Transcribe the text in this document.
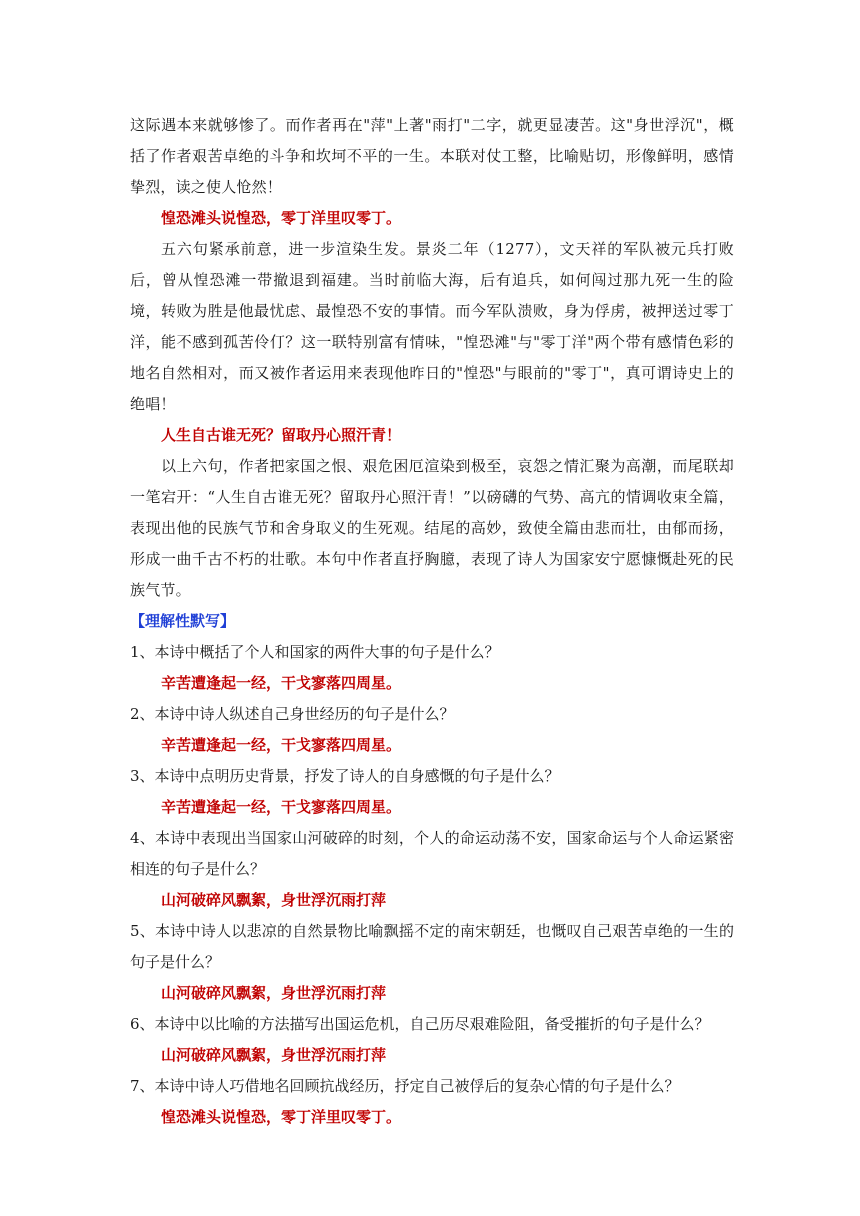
这际遇本来就够惨了。而作者再在"萍"上著"雨打"二字，就更显凄苦。这"身世浮沉"，概括了作者艰苦卓绝的斗争和坎坷不平的一生。本联对仗工整，比喻贴切，形像鲜明，感情挚烈，读之使人怆然！

惶恐滩头说惶恐，零丁洋里叹零丁。

五六句紧承前意，进一步渲染生发。景炎二年（1277），文天祥的军队被元兵打败后，曾从惶恐滩一带撤退到福建。当时前临大海，后有追兵，如何闯过那九死一生的险境，转败为胜是他最忧虑、最惶恐不安的事情。而今军队溃败，身为俘虏，被押送过零丁洋，能不感到孤苦伶仃？这一联特别富有情味，"惶恐滩"与"零丁洋"两个带有感情色彩的地名自然相对，而又被作者运用来表现他昨日的"惶恐"与眼前的"零丁"，真可谓诗史上的绝唱！

人生自古谁无死？留取丹心照汗青！

以上六句，作者把家国之恨、艰危困厄渲染到极至，哀怨之情汇聚为高潮，而尾联却一笔宕开：“人生自古谁无死？留取丹心照汗青！”以磅礴的气势、高亢的情调收束全篇，表现出他的民族气节和舍身取义的生死观。结尾的高妙，致使全篇由悲而壮，由郁而扬，形成一曲千古不朽的壮歌。本句中作者直抒胸臆，表现了诗人为国家安宁愿慷慨赴死的民族气节。

【理解性默写】

1、本诗中概括了个人和国家的两件大事的句子是什么？

辛苦遭逢起一经，干戈寥落四周星。

2、本诗中诗人纵述自己身世经历的句子是什么？

辛苦遭逢起一经，干戈寥落四周星。

3、本诗中点明历史背景，抒发了诗人的自身感慨的句子是什么？

辛苦遭逢起一经，干戈寥落四周星。

4、本诗中表现出当国家山河破碎的时刻，个人的命运动荡不安，国家命运与个人命运紧密相连的句子是什么？

山河破碎风飘絮，身世浮沉雨打萍

5、本诗中诗人以悲凉的自然景物比喻飘摇不定的南宋朝廷，也慨叹自己艰苦卓绝的一生的句子是什么？

山河破碎风飘絮，身世浮沉雨打萍

6、本诗中以比喻的方法描写出国运危机，自己历尽艰难险阻，备受摧折的句子是什么？

山河破碎风飘絮，身世浮沉雨打萍

7、本诗中诗人巧借地名回顾抗战经历，抒定自己被俘后的复杂心情的句子是什么？

惶恐滩头说惶恐，零丁洋里叹零丁。
